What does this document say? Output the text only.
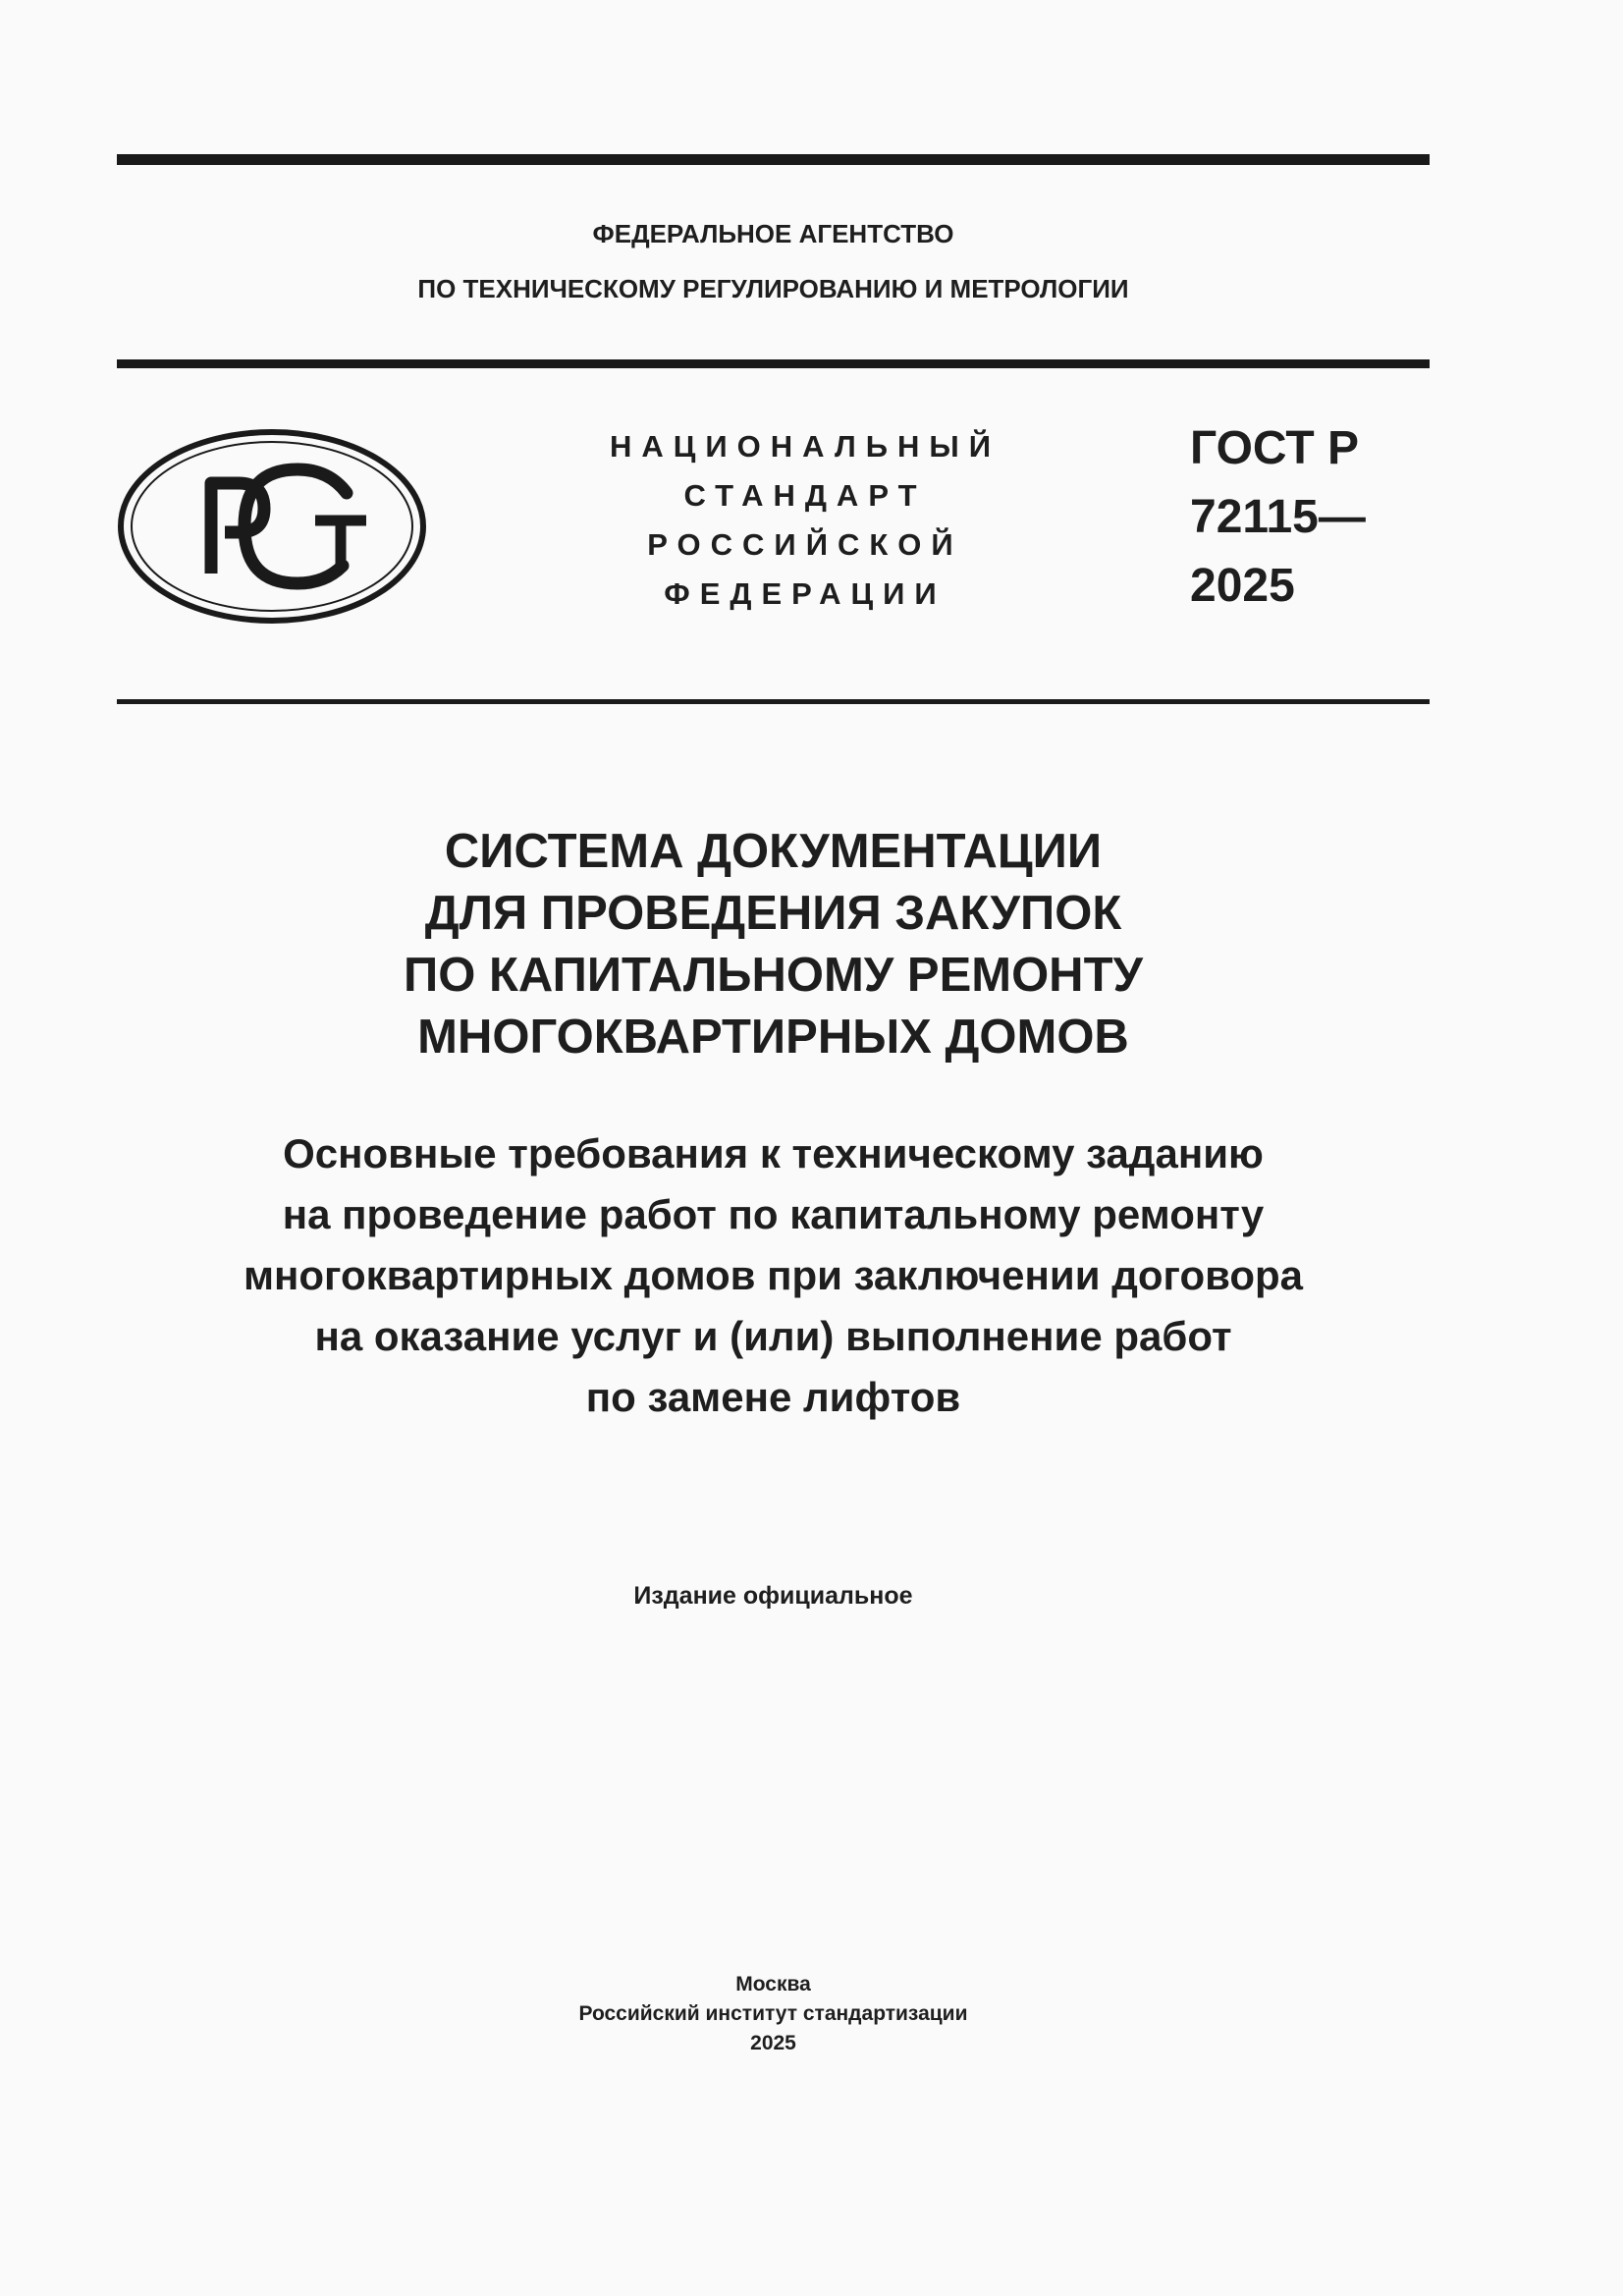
ФЕДЕРАЛЬНОЕ АГЕНТСТВО
ПО ТЕХНИЧЕСКОМУ РЕГУЛИРОВАНИЮ И МЕТРОЛОГИИ
НАЦИОНАЛЬНЫЙ
СТАНДАРТ
РОССИЙСКОЙ
ФЕДЕРАЦИИ
ГОСТ Р
72115—
2025
СИСТЕМА ДОКУМЕНТАЦИИ
ДЛЯ ПРОВЕДЕНИЯ ЗАКУПОК
ПО КАПИТАЛЬНОМУ РЕМОНТУ
МНОГОКВАРТИРНЫХ ДОМОВ
Основные требования к техническому заданию
на проведение работ по капитальному ремонту
многоквартирных домов при заключении договора
на оказание услуг и (или) выполнение работ
по замене лифтов
Издание официальное
Москва
Российский институт стандартизации
2025
